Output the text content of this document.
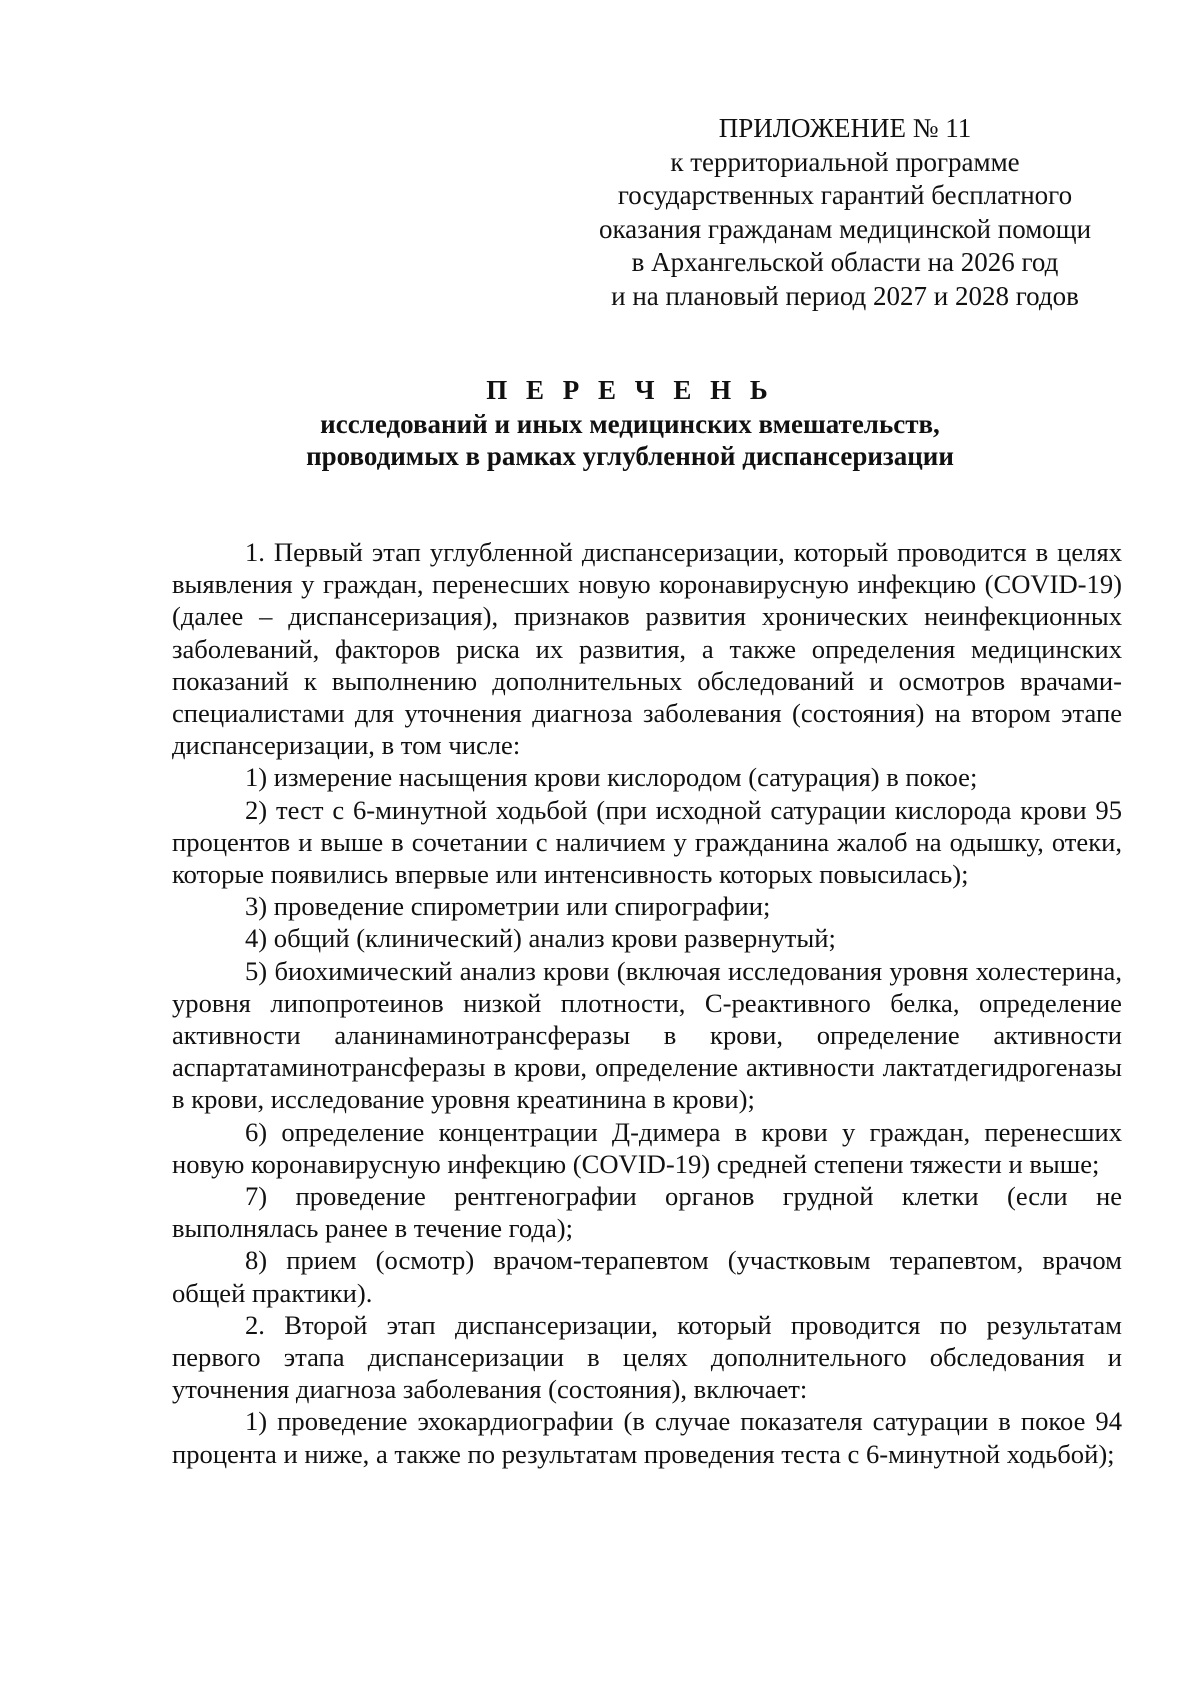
ПРИЛОЖЕНИЕ № 11
к территориальной программе
государственных гарантий бесплатного
оказания гражданам медицинской помощи
в Архангельской области на 2026 год
и на плановый период 2027 и 2028 годов
П Е Р Е Ч Е Н Ь
исследований и иных медицинских вмешательств,
проводимых в рамках углубленной диспансеризации

1. Первый этап углубленной диспансеризации, который проводится в целях выявления у граждан, перенесших новую коронавирусную инфекцию (COVID-19) (далее – диспансеризация), признаков развития хронических неинфекционных заболеваний, факторов риска их развития, а также определения медицинских показаний к выполнению дополнительных обследований и осмотров врачами-специалистами для уточнения диагноза заболевания (состояния) на втором этапе диспансеризации, в том числе:

1) измерение насыщения крови кислородом (сатурация) в покое;

2) тест с 6-минутной ходьбой (при исходной сатурации кислорода крови 95 процентов и выше в сочетании с наличием у гражданина жалоб на одышку, отеки, которые появились впервые или интенсивность которых повысилась);

3) проведение спирометрии или спирографии;

4) общий (клинический) анализ крови развернутый;

5) биохимический анализ крови (включая исследования уровня холестерина, уровня липопротеинов низкой плотности, С-реактивного белка, определение активности аланинаминотрансферазы в крови, определение активности аспартатаминотрансферазы в крови, определение активности лактатдегидрогеназы в крови, исследование уровня креатинина в крови);

6) определение концентрации Д-димера в крови у граждан, перенесших новую коронавирусную инфекцию (COVID-19) средней степени тяжести и выше;

7) проведение рентгенографии органов грудной клетки (если не выполнялась ранее в течение года);

8) прием (осмотр) врачом-терапевтом (участковым терапевтом, врачом общей практики).

2. Второй этап диспансеризации, который проводится по результатам первого этапа диспансеризации в целях дополнительного обследования и уточнения диагноза заболевания (состояния), включает:

1) проведение эхокардиографии (в случае показателя сатурации в покое 94 процента и ниже, а также по результатам проведения теста с 6-минутной ходьбой);
